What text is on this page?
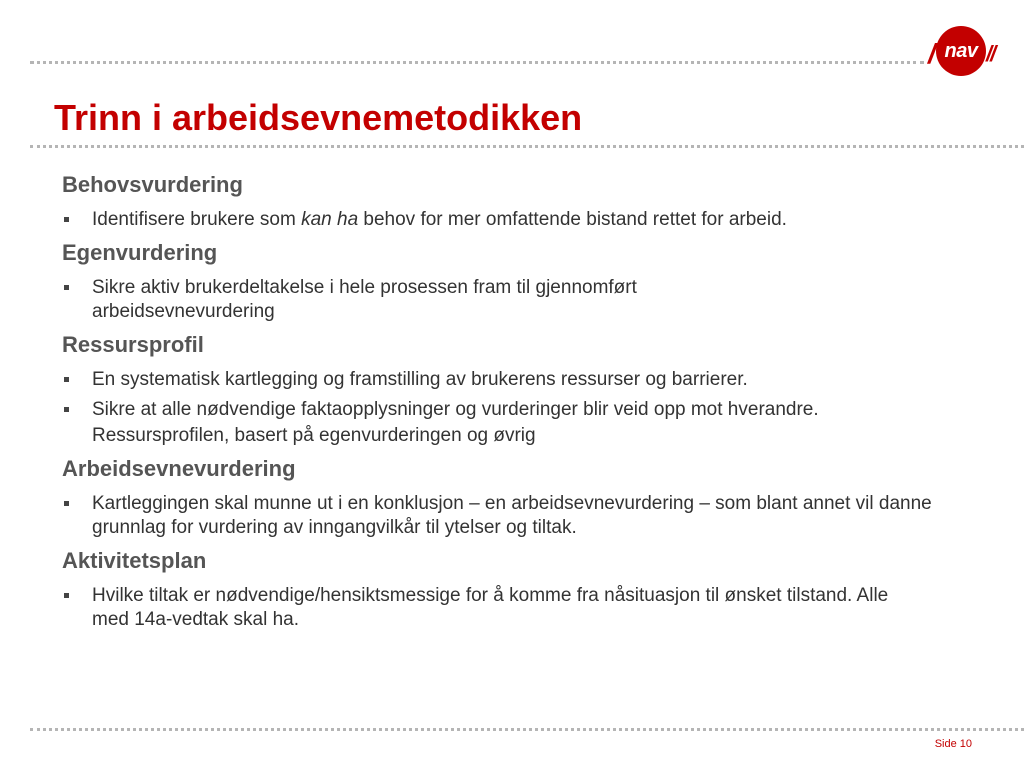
/ nav //
Trinn i arbeidsevnemetodikken
Behovsvurdering
Identifisere brukere som kan ha behov for mer omfattende bistand rettet for arbeid.
Egenvurdering
Sikre aktiv brukerdeltakelse i hele prosessen fram til gjennomført arbeidsevnevurdering
Ressursprofil
En systematisk kartlegging og framstilling av brukerens ressurser og barrierer.
Sikre at alle nødvendige faktaopplysninger og vurderinger blir veid opp mot hverandre.
Ressursprofilen, basert på egenvurderingen og øvrig
Arbeidsevnevurdering
Kartleggingen skal munne ut i en konklusjon – en arbeidsevnevurdering – som blant annet vil danne grunnlag for vurdering av inngangvilkår til ytelser og tiltak.
Aktivitetsplan
Hvilke tiltak er nødvendige/hensiktsmessige for å komme fra nåsituasjon til ønsket tilstand. Alle med 14a-vedtak skal ha.
Side 10
